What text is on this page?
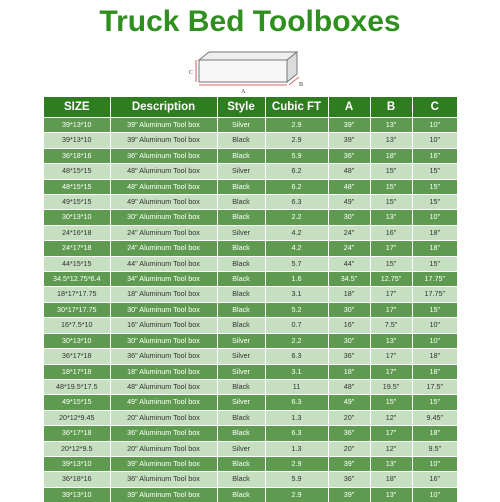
Truck Bed Toolboxes
A
B
C
SIZE	Description	Style	Cubic FT	A	B	C
39*13*10	39" Aluminum Tool box	Silver	2.9	39"	13"	10"
39*13*10	39" Aluminum Tool box	Black	2.9	39"	13"	10"
36*18*16	36" Aluminum Tool box	Black	5.9	36"	18"	16"
48*15*15	48" Aluminum Tool box	Silver	6.2	48"	15"	15"
48*15*15	48" Aluminum Tool box	Black	6.2	48"	15"	15"
49*15*15	49" Aluminum Tool box	Black	6.3	49"	15"	15"
30*13*10	30" Aluminum Tool box	Black	2.2	30"	13"	10"
24*16*18	24" Aluminum Tool box	Silver	4.2	24"	16"	18"
24*17*18	24" Aluminum Tool box	Black	4.2	24"	17"	18"
44*15*15	44" Aluminum Tool box	Black	5.7	44"	15"	15"
34.5*12.75*6.4	34" Aluminum Tool box	Black	1.6	34.5"	12.75"	17.75"
18*17*17.75	18" Aluminum Tool box	Black	3.1	18"	17"	17.75"
30*17*17.75	30" Aluminum Tool box	Black	5.2	30"	17"	15"
16*7.5*10	16" Aluminum Tool box	Black	0.7	16"	7.5"	10"
30*13*10	30" Aluminum Tool box	Silver	2.2	30"	13"	10"
36*17*18	36" Aluminum Tool box	Silver	6.3	36"	17"	18"
18*17*18	18" Aluminum Tool box	Silver	3.1	18"	17"	18"
48*19.5*17.5	48" Aluminum Tool box	Black	11	48"	19.5"	17.5"
49*15*15	49" Aluminum Tool box	Silver	6.3	49"	15"	15"
20*12*9.45	20" Aluminum Tool box	Black	1.3	20"	12"	9.45"
36*17*18	36" Aluminum Tool box	Black	6.3	36"	17"	18"
20*12*9.5	20" Aluminum Tool box	Silver	1.3	20"	12"	9.5"
39*13*10	39" Aluminum Tool box	Black	2.9	39"	13"	10"
36*18*16	36" Aluminum Tool box	Black	5.9	36"	18"	16"
39*13*10	39" Aluminum Tool box	Black	2.9	39"	13"	10"
